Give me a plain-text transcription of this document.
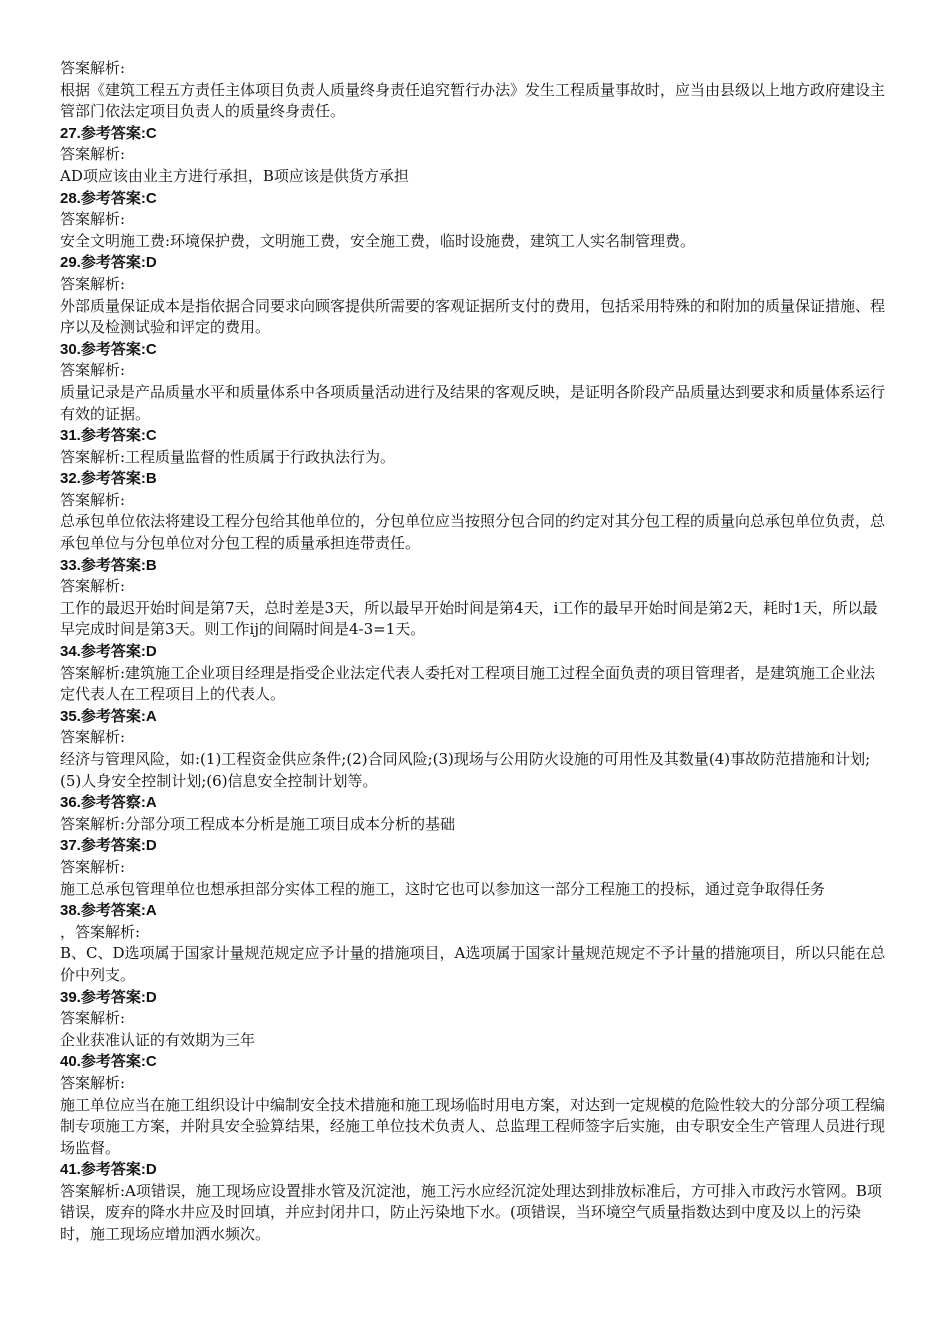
答案解析:

根据《建筑工程五方责任主体项目负责人质量终身责任追究暂行办法》发生工程质量事故时，应当由县级以上地方政府建设主管部门依法定项目负责人的质量终身责任。

27.参考答案:C

答案解析:

AD项应该由业主方进行承担，B项应该是供货方承担

28.参考答案:C

答案解析:

安全文明施工费:环境保护费，文明施工费，安全施工费，临时设施费，建筑工人实名制管理费。

29.参考答案:D

答案解析:

外部质量保证成本是指依据合同要求向顾客提供所需要的客观证据所支付的费用，包括采用特殊的和附加的质量保证措施、程序以及检测试验和评定的费用。

30.参考答案:C

答案解析:

质量记录是产品质量水平和质量体系中各项质量活动进行及结果的客观反映，是证明各阶段产品质量达到要求和质量体系运行有效的证据。

31.参考答案:C

答案解析:工程质量监督的性质属于行政执法行为。

32.参考答案:B

答案解析:

总承包单位依法将建设工程分包给其他单位的，分包单位应当按照分包合同的约定对其分包工程的质量向总承包单位负责，总承包单位与分包单位对分包工程的质量承担连带责任。

33.参考答案:B

答案解析:

工作的最迟开始时间是第7天，总时差是3天，所以最早开始时间是第4天，i工作的最早开始时间是第2天，耗时1天，所以最早完成时间是第3天。则工作ij的间隔时间是4-3=1天。

34.参考答案:D

答案解析:建筑施工企业项目经理是指受企业法定代表人委托对工程项目施工过程全面负责的项目管理者，是建筑施工企业法定代表人在工程项目上的代表人。

35.参考答案:A

答案解析:

经济与管理风险，如:(1)工程资金供应条件;(2)合同风险;(3)现场与公用防火设施的可用性及其数量(4)事故防范措施和计划;(5)人身安全控制计划;(6)信息安全控制计划等。

36.参考答察:A

答案解析:分部分项工程成本分析是施工项目成本分析的基础

37.参考答案:D

答案解析:

施工总承包管理单位也想承担部分实体工程的施工，这时它也可以参加这一部分工程施工的投标，通过竞争取得任务

38.参考答案:A

，答案解析:

B、C、D选项属于国家计量规范规定应予计量的措施项目，A选项属于国家计量规范规定不予计量的措施项目，所以只能在总价中列支。

39.参考答案:D

答案解析:

企业获准认证的有效期为三年

40.参考答案:C

答案解析:

施工单位应当在施工组织设计中编制安全技术措施和施工现场临时用电方案，对达到一定规模的危险性较大的分部分项工程编制专项施工方案，并附具安全验算结果，经施工单位技术负责人、总监理工程师签字后实施，由专职安全生产管理人员进行现场监督。

41.参考答案:D

答案解析:A项错误，施工现场应设置排水管及沉淀池，施工污水应经沉淀处理达到排放标准后，方可排入市政污水管网。B项错误，废弃的降水井应及时回填，并应封闭井口，防止污染地下水。(项错误，当环境空气质量指数达到中度及以上的污染时，施工现场应增加洒水频次。
